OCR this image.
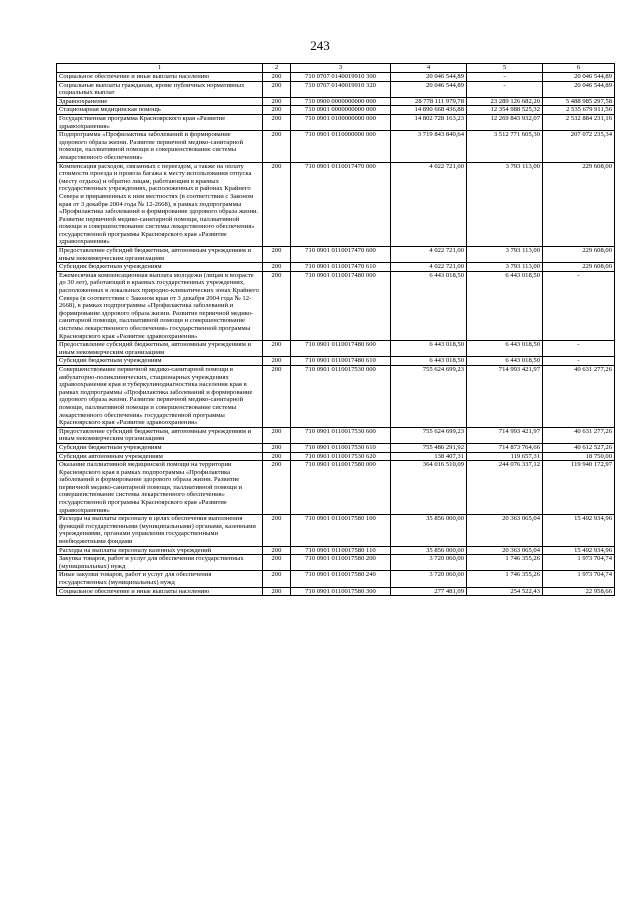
243
1	2	3	4	5	6
Социальное обеспечение и иные выплаты населению	200	710 0707 0140019910 300	20 046 544,89	-	20 046 544,89
Социальные выплаты гражданам, кроме публичных нормативных социальных выплат	200	710 0707 0140019910 320	20 046 544,89	-	20 046 544,89
Здравоохранение	200	710 0900 0000000000 000	28 778 111 979,78	23 289 126 682,20	5 488 985 297,58
Стационарная медицинская помощь	200	710 0901 0000000000 000	14 890 668 436,88	12 354 988 525,32	2 535 679 911,56
Государственная программа Красноярского края «Развитие здравоохранения»	200	710 0901 0100000000 000	14 802 728 163,23	12 269 843 932,07	2 532 884 231,16
Подпрограмма «Профилактика заболеваний и формирование здорового образа жизни. Развитие первичной медико-санитарной помощи, паллиативной помощи и совершенствование системы лекарственного обеспечения»	200	710 0901 0110000000 000	3 719 843 840,64	3 512 771 605,30	207 072 235,34
Компенсация расходов, связанных с переездом, а также на оплату стоимости проезда и провоза багажа к месту использования отпуска (месту отдыха) и обратно лицам, работающим в краевых государственных учреждениях, расположенных в районах Крайнего Севера и приравненных к ним местностях (в соответствии с Законом края от 3 декабря 2004 года № 12-2668), в рамках подпрограммы «Профилактика заболеваний и формирование здорового образа жизни. Развитие первичной медико-санитарной помощи, паллиативной помощи и совершенствование системы лекарственного обеспечения» государственной программы Красноярского края «Развитие здравоохранения»	200	710 0901 0110017470 000	4 022 721,00	3 793 113,00	229 608,00
Предоставление субсидий бюджетным, автономным учреждениям и иным некоммерческим организациям	200	710 0901 0110017470 600	4 022 721,00	3 793 113,00	229 608,00
Субсидии бюджетным учреждениям	200	710 0901 0110017470 610	4 022 721,00	3 793 113,00	229 608,00
Ежемесячная компенсационная выплата молодежи (лицам в возрасте до 30 лет), работающей в краевых государственных учреждениях, расположенных в локальных природно-климатических зонах Крайнего Севера (в соответствии с Законом края от 3 декабря 2004 года № 12-2668), в рамках подпрограммы «Профилактика заболеваний и формирование здорового образа жизни. Развитие первичной медико-санитарной помощи, паллиативной помощи и совершенствование системы лекарственного обеспечения» государственной программы Красноярского края «Развитие здравоохранения»	200	710 0901 0110017480 000	6 443 018,50	6 443 018,50	-
Предоставление субсидий бюджетным, автономным учреждениям и иным некоммерческим организациям	200	710 0901 0110017480 600	6 443 018,50	6 443 018,50	-
Субсидии бюджетным учреждениям	200	710 0901 0110017480 610	6 443 018,50	6 443 018,50	-
Совершенствование первичной медико-санитарной помощи в амбулаторно-поликлинических, стационарных учреждениях здравоохранения края и туберкулинодиагностика населения края в рамках подпрограммы «Профилактика заболеваний и формирование здорового образа жизни. Развитие первичной медико-санитарной помощи, паллиативной помощи и совершенствование системы лекарственного обеспечения» государственной программы Красноярского края «Развитие здравоохранения»	200	710 0901 0110017530 000	755 624 699,23	714 993 421,97	40 631 277,26
Предоставление субсидий бюджетным, автономным учреждениям и иным некоммерческим организациям	200	710 0901 0110017530 600	755 624 699,23	714 993 421,97	40 631 277,26
Субсидии бюджетным учреждениям	200	710 0901 0110017530 610	755 486 291,92	714 873 764,66	40 612 527,26
Субсидии автономным учреждениям	200	710 0901 0110017530 620	138 407,31	119 657,31	18 750,00
Оказание паллиативной медицинской помощи на территории Красноярского края в рамках подпрограммы «Профилактика заболеваний и формирование здорового образа жизни. Развитие первичной медико-санитарной помощи, паллиативной помощи и совершенствование системы лекарственного обеспечения» государственной программы Красноярского края «Развитие здравоохранения»	200	710 0901 0110017580 000	364 016 510,09	244 076 337,12	119 940 172,97
Расходы на выплаты персоналу в целях обеспечения выполнения функций государственными (муниципальными) органами, казенными учреждениями, органами управления государственными внебюджетными фондами	200	710 0901 0110017580 100	35 856 000,00	20 363 065,04	15 492 934,96
Расходы на выплаты персоналу казенных учреждений	200	710 0901 0110017580 110	35 856 000,00	20 363 065,04	15 492 934,96
Закупка товаров, работ и услуг для обеспечения государственных (муниципальных) нужд	200	710 0901 0110017580 200	3 720 060,00	1 746 355,26	1 973 704,74
Иные закупки товаров, работ и услуг для обеспечения государственных (муниципальных) нужд	200	710 0901 0110017580 240	3 720 060,00	1 746 355,26	1 973 704,74
Социальное обеспечение и иные выплаты населению	200	710 0901 0110017580 300	277 481,09	254 522,43	22 958,66
